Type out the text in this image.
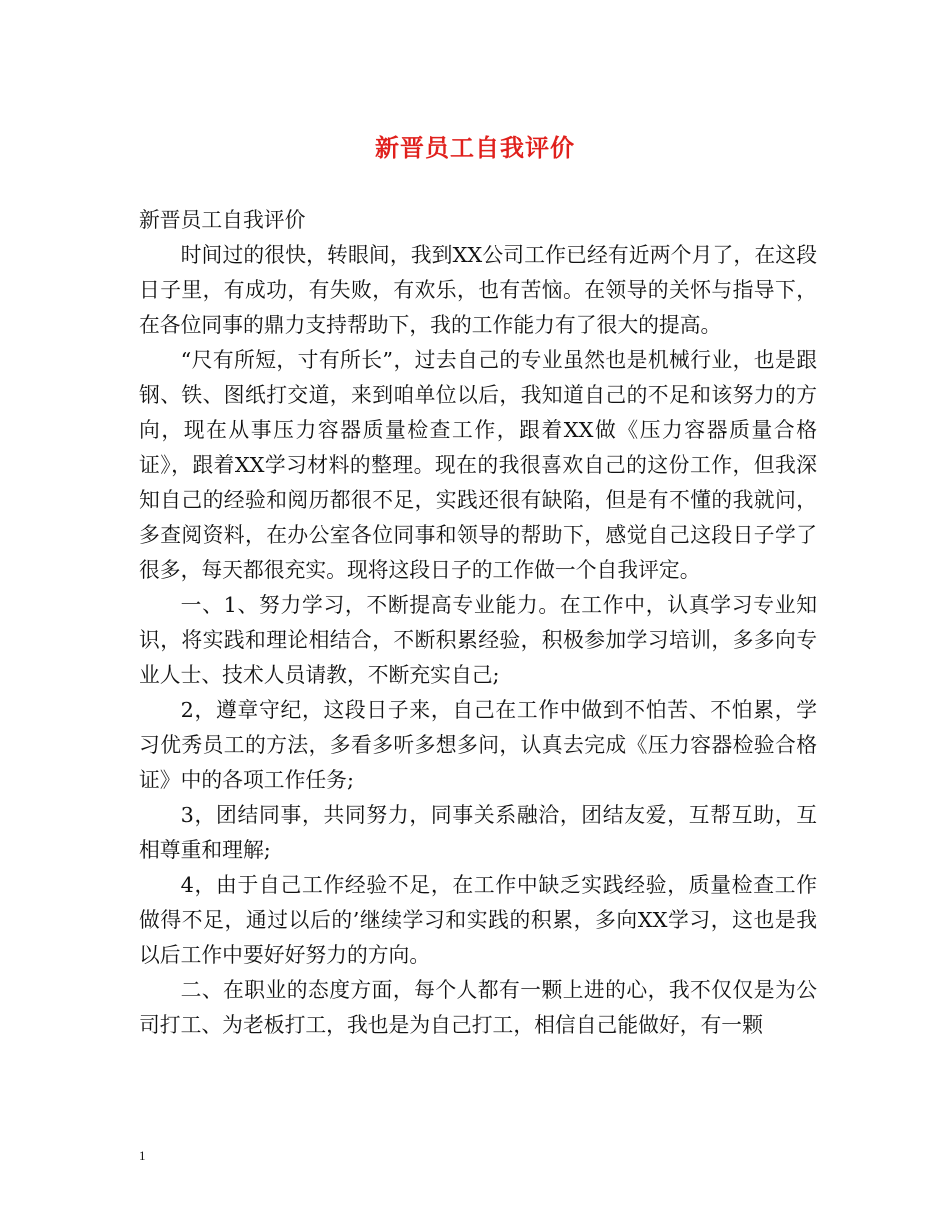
新晋员工自我评价

新晋员工自我评价

时间过的很快，转眼间，我到XX公司工作已经有近两个月了，在这段日子里，有成功，有失败，有欢乐，也有苦恼。在领导的关怀与指导下，在各位同事的鼎力支持帮助下，我的工作能力有了很大的提高。

“尺有所短，寸有所长”，过去自己的专业虽然也是机械行业，也是跟钢、铁、图纸打交道，来到咱单位以后，我知道自己的不足和该努力的方向，现在从事压力容器质量检查工作，跟着XX做《压力容器质量合格证》，跟着XX学习材料的整理。现在的我很喜欢自己的这份工作，但我深知自己的经验和阅历都很不足，实践还很有缺陷，但是有不懂的我就问，多查阅资料，在办公室各位同事和领导的帮助下，感觉自己这段日子学了很多，每天都很充实。现将这段日子的工作做一个自我评定。

一、1、努力学习，不断提高专业能力。在工作中，认真学习专业知识，将实践和理论相结合，不断积累经验，积极参加学习培训，多多向专业人士、技术人员请教，不断充实自己;

2，遵章守纪，这段日子来，自己在工作中做到不怕苦、不怕累，学习优秀员工的方法，多看多听多想多问，认真去完成《压力容器检验合格证》中的各项工作任务;

3，团结同事，共同努力，同事关系融洽，团结友爱，互帮互助，互相尊重和理解;

4，由于自己工作经验不足，在工作中缺乏实践经验，质量检查工作做得不足，通过以后的’继续学习和实践的积累，多向XX学习，这也是我以后工作中要好好努力的方向。

二、在职业的态度方面，每个人都有一颗上进的心，我不仅仅是为公司打工、为老板打工，我也是为自己打工，相信自己能做好，有一颗

1
